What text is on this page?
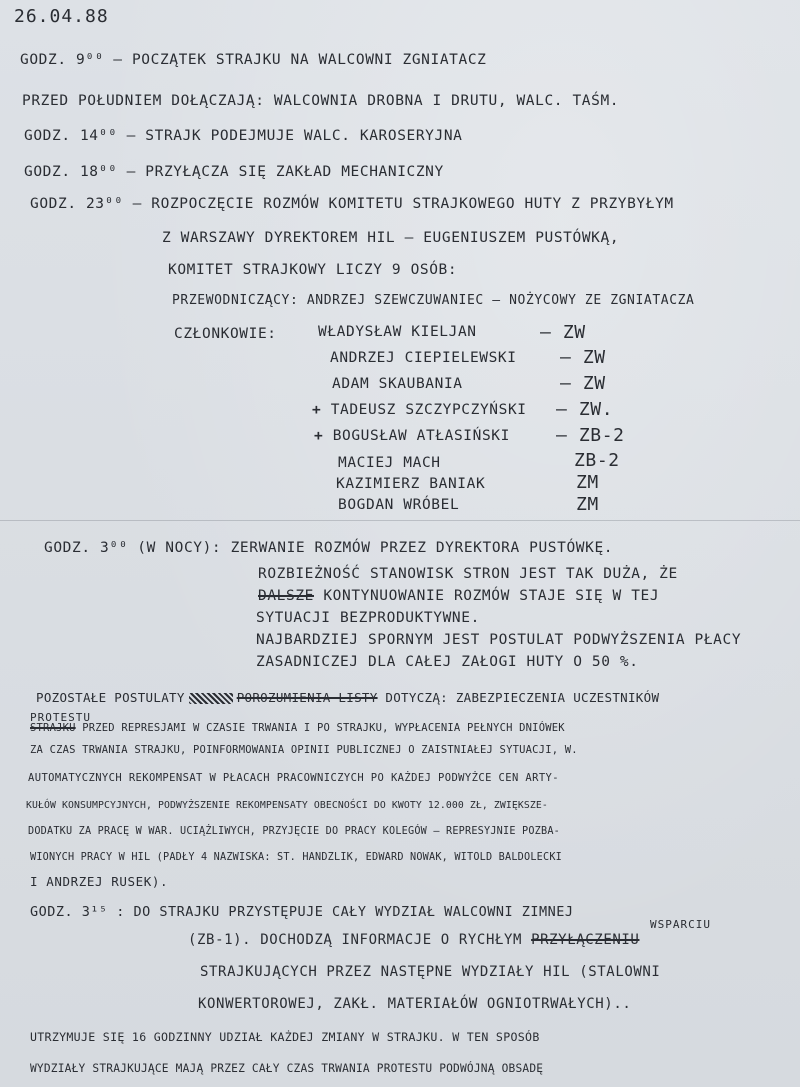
26.04.88
GODZ. 9⁰⁰ – POCZĄTEK STRAJKU NA WALCOWNI ZGNIATACZ
PRZED POŁUDNIEM DOŁĄCZAJĄ: WALCOWNIA DROBNA I DRUTU, WALC. TAŚM.
GODZ. 14⁰⁰ – STRAJK PODEJMUJE WALC. KAROSERYJNA
GODZ. 18⁰⁰ – PRZYŁĄCZA SIĘ ZAKŁAD MECHANICZNY
GODZ. 23⁰⁰ – ROZPOCZĘCIE ROZMÓW KOMITETU STRAJKOWEGO HUTY Z PRZYBYŁYM
Z WARSZAWY DYREKTOREM HIL – EUGENIUSZEM PUSTÓWKĄ,
KOMITET STRAJKOWY LICZY 9 OSÓB:
PRZEWODNICZĄCY: ANDRZEJ SZEWCZUWANIEC – NOŻYCOWY ZE ZGNIATACZA
CZŁONKOWIE:	WŁADYSŁAW KIELJAN	– ZW
ANDRZEJ CIEPIELEWSKI – ZW
ADAM SKAUBANIA	– ZW
+ TADEUSZ SZCZYPCZYŃSKI – ZW.
+ BOGUSŁAW ATŁASIŃSKI	– ZB-2
MACIEJ MACH	ZB-2
KAZIMIERZ BANIAK	ZM
BOGDAN WRÓBEL	ZM
GODZ. 3⁰⁰ (W NOCY): ZERWANIE ROZMÓW PRZEZ DYREKTORA PUSTÓWKĘ.
ROZBIEŻNOŚĆ STANOWISK STRON JEST TAK DUŻA, ŻE
DALSZE KONTYNUOWANIE ROZMÓW STAJE SIĘ W TEJ
SYTUACJI BEZPRODUKTYWNE.
NAJBARDZIEJ SPORNYM JEST POSTULAT PODWYŻSZENIA PŁACY
ZASADNICZEJ DLA CAŁEJ ZAŁOGI HUTY O 50 %.
POZOSTAŁE POSTULATY	POROZUMIENIA LISTY DOTYCZĄ: ZABEZPIECZENIA UCZESTNIKÓW
PROTESTU
STRAJKU PRZED REPRESJAMI W CZASIE TRWANIA I PO STRAJKU, WYPŁACENIA PEŁNYCH DNIÓWEK
ZA CZAS TRWANIA STRAJKU, POINFORMOWANIA OPINII PUBLICZNEJ O ZAISTNIAŁEJ SYTUACJI, W.
AUTOMATYCZNYCH REKOMPENSAT W PŁACACH PRACOWNICZYCH PO KAŻDEJ PODWYŻCE CEN ARTY-
KUŁÓW KONSUMPCYJNYCH, PODWYŻSZENIE REKOMPENSATY OBECNOŚCI DO KWOTY 12.000 ZŁ, ZWIĘKSZE-
DODATKU ZA PRACĘ W WAR. UCIĄŻLIWYCH, PRZYJĘCIE DO PRACY KOLEGÓW – REPRESYJNIE POZBA-
WIONYCH PRACY W HIL (PADŁY 4 NAZWISKA: ST. HANDZLIK, EDWARD NOWAK, WITOLD BALDOLECKI
I ANDRZEJ RUSEK).
GODZ. 3¹⁵ : DO STRAJKU PRZYSTĘPUJE CAŁY WYDZIAŁ WALCOWNI ZIMNEJ
WSPARCIU
(ZB-1). DOCHODZĄ INFORMACJE O RYCHŁYM PRZYŁĄCZENIU
STRAJKUJĄCYCH PRZEZ NASTĘPNE WYDZIAŁY HIL (STALOWNI
KONWERTOROWEJ, ZAKŁ. MATERIAŁÓW OGNIOTRWAŁYCH)..
UTRZYMUJE SIĘ 16 GODZINNY UDZIAŁ KAŻDEJ ZMIANY W STRAJKU. W TEN SPOSÓB
WYDZIAŁY STRAJKUJĄCE MAJĄ PRZEZ CAŁY CZAS TRWANIA PROTESTU PODWÓJNĄ OBSADĘ
